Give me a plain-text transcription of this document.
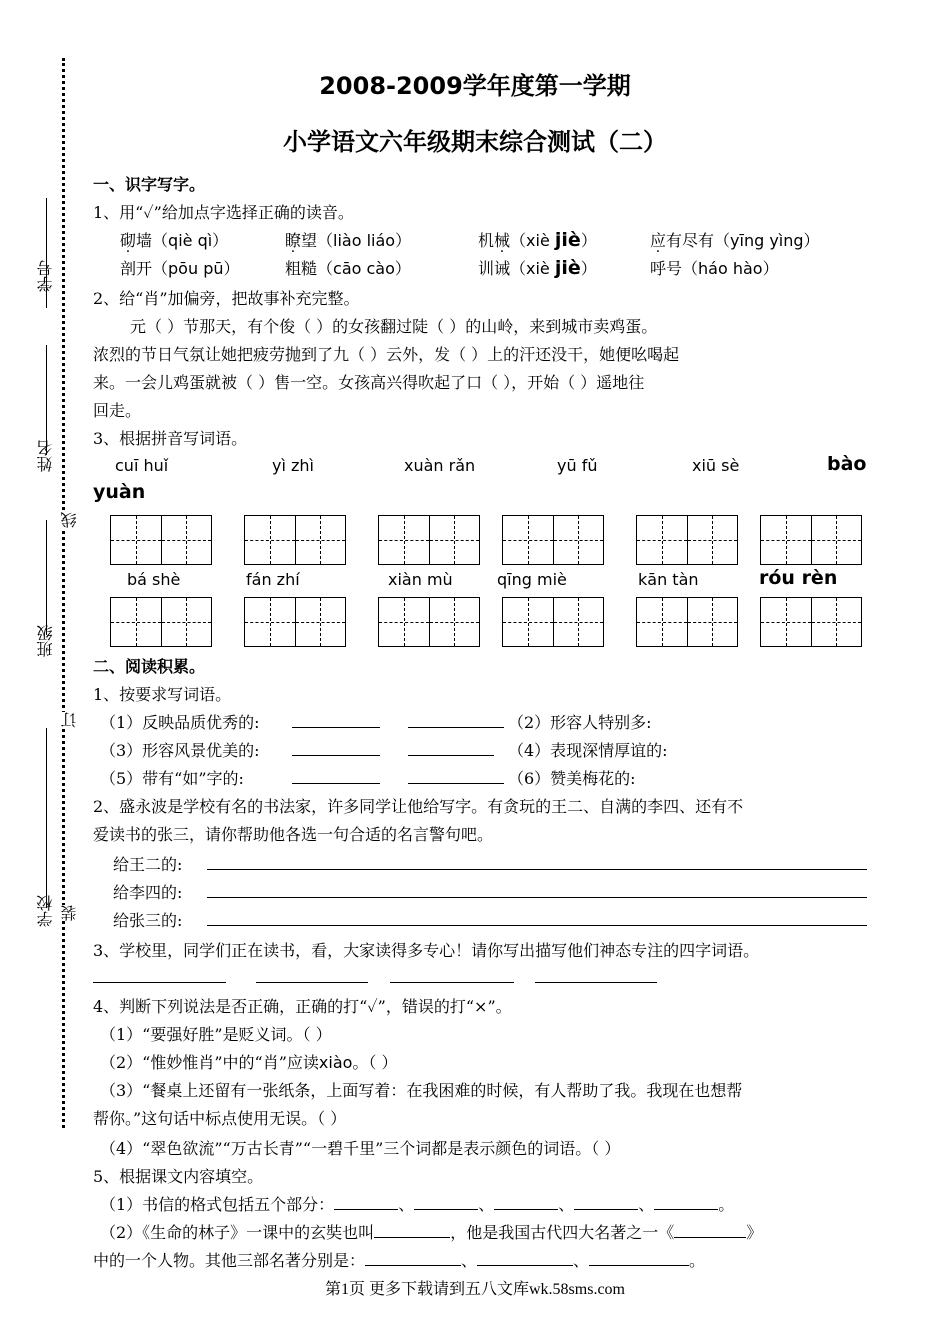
学号
姓名
线
班级
订
学校 装
2008-2009学年度第一学期
小学语文六年级期末综合测试（二）
一、识字写字。
1、用“✓”给加点字选择正确的读音。
砌墙（qiè qì）	瞭望（liào liáo）	机械（xiè jiè）	应有尽有（yīng yìng）
剖开（pōu pū）	粗糙（cāo cào）	训诫（xiè jiè）	呼号（háo hào）
2、给“肖”加偏旁，把故事补充完整。
元（ ）节那天，有个俊（ ）的女孩翻过陡（ ）的山岭，来到城市卖鸡蛋。
浓烈的节日气氛让她把疲劳抛到了九（ ）云外，发（ ）上的汗还没干，她便吆喝起
来。一会儿鸡蛋就被（ ）售一空。女孩高兴得吹起了口（ ），开始（ ）遥地往
回走。
3、根据拼音写词语。
cuī huǐ	yì zhì	xuàn rǎn	yū fǔ	xiū sè	bào
yuàn
bá shè	fán zhí	xiàn mù	qīng miè	kān tàn	róu rèn
二、阅读积累。
1、按要求写词语。
（1）反映品质优秀的:	（2）形容人特别多:
（3）形容风景优美的:	（4）表现深情厚谊的:
（5）带有“如”字的:	（6）赞美梅花的:
2、盛永波是学校有名的书法家，许多同学让他给写字。有贪玩的王二、自满的李四、还有不
爱读书的张三，请你帮助他各选一句合适的名言警句吧。
给王二的:
给李四的:
给张三的:
3、学校里，同学们正在读书，看，大家读得多专心！请你写出描写他们神态专注的四字词语。
4、判断下列说法是否正确，正确的打“✓”，错误的打“×”。
（1）“要强好胜”是贬义词。（ ）
（2）“惟妙惟肖”中的“肖”应读xiào。（ ）
（3）“餐桌上还留有一张纸条，上面写着：在我困难的时候，有人帮助了我。我现在也想帮
帮你。”这句话中标点使用无误。（ ）
（4）“翠色欲流”“万古长青”“一碧千里”三个词都是表示颜色的词语。（ ）
5、根据课文内容填空。
（1）书信的格式包括五个部分：	、	、	、	、	。
（2）《生命的林子》一课中的玄奘也叫	，他是我国古代四大名著之一《	》
中的一个人物。其他三部名著分别是：	、	、	。
第1页 更多下载请到五八文库wk.58sms.com
